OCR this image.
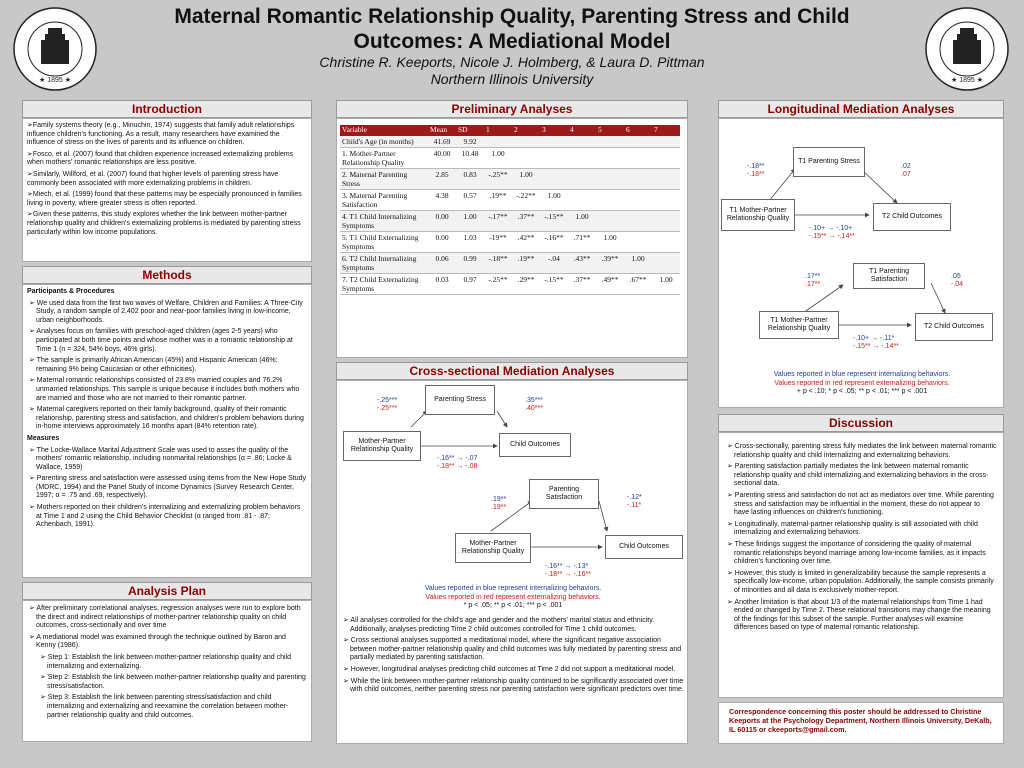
★ 1895 ★	★ 1895 ★
Maternal Romantic Relationship Quality, Parenting Stress and Child
Outcomes: A Mediational Model
Christine R. Keeports, Nicole J. Holmberg, & Laura D. Pittman
Northern Illinois University
Introduction

➢Family systems theory (e.g., Minuchin, 1974) suggests that family adult relationships influence children's functioning. As a result, many researchers have examined the influence of stress on the lives of parents and its influence on children.

➢Fosco, et al. (2007) found that children experience increased externalizing problems when mothers' romantic relationships are less positive.

➢Similarly, Willford, et al. (2007) found that higher levels of parenting stress have commonly been associated with more externalizing problems in children.

➢Miech, et al. (1999) found that these patterns may be especially pronounced in families living in poverty, where greater stress is often reported.

➢Given these patterns, this study explores whether the link between mother-partner relationship quality and children's externalizing problems is mediated by parenting stress particularly within low income populations.

Methods

Participants & Procedures

➢ We used data from the first two waves of Welfare, Children and Families: A Three-City Study, a random sample of 2,402 poor and near-poor families living in low-income, urban neighborhoods.

➢ Analyses focus on families with preschool-aged children (ages 2-5 years) who participated at both time points and whose mother was in a romantic relationship at Time 1 (n = 324, 54% boys, 46% girls).

➢ The sample is primarily African American (45%) and Hispanic American (46%; remaining 9% being Caucasian or other ethnicities).

➢ Maternal romantic relationships consisted of 23.8% married couples and 76.2% unmarried relationships. This sample is unique because it includes both mothers who are married and those who are not married to their romantic partner.

➢ Maternal caregivers reported on their family background, quality of their romantic relationship, parenting stress and satisfaction, and children's problem behaviors during in-home interviews approximately 16 months apart (84% retention rate).

Measures

➢ The Locke-Wallace Marital Adjustment Scale was used to asses the quality of the mothers' romantic relationship, including nonmarital relationships (α = .86; Locke & Wallace, 1959)

➢ Parenting stress and satisfaction were assessed using items from the New Hope Study (MDRC, 1994) and the Panel Study of Income Dynamics (Survey Research Center, 1997; α = .75 and .69, respectively).

➢ Mothers reported on their children's internalizing and externalizing problem behaviors at Time 1 and 2 using the Child Behavior Checklist (α ranged from .81 - .87; Achenbach, 1991).

Analysis Plan

➢ After preliminary correlational analyses, regression analyses were run to explore both the direct and indirect relationships of mother-partner relationship quality on child outcomes, cross-sectionally and over time

➢ A mediational model was examined through the technique outlined by Baron and Kenny (1986).

➢ Step 1: Establish the link between mother-partner relationship quality and child internalizing and externalizing.

➢ Step 2: Establish the link between mother-partner relationship quality and parenting stress/satisfaction.

➢ Step 3: Establish the link between parenting stress/satisfaction and child internalizing and externalizing and reexamine the correlation between mother-partner relationship quality and child outcomes.

Preliminary Analyses
Variable	Mean	SD	1	2	3	4	5	6	7
Child's Age (in months)	41.69	9.92							
1. Mother-Partner Relationship Quality	40.00	10.48	1.00						
2. Maternal Parenting Stress	2.85	0.83	-.25**	1.00					
3. Maternal Parenting Satisfaction	4.38	0.57	.19**	-.22**	1.00				
4. T1 Child Internalizing Symptoms	0.00	1.00	-.17**	.37**	-.15**	1.00			
5. T1 Child Externalizing Symptoms	0.00	1.03	-19**	.42**	-.16**	.71**	1.00		
6. T2 Child Internalizing Symptoms	0.06	0.99	-.18**	.19**	-.04	.43**	.39**	1.00	
7. T2 Child Externalizing Symptoms	0.03	0.97	-.25**	.29**	-.15**	.37**	.49**	.67**	1.00
Cross-sectional Mediation Analyses
Parenting Stress
Mother-Partner Relationship Quality
Child Outcomes
-.25***
-.25***
.35***
.40***
-.16** → -.07
-.18** → -.08
Parenting Satisfaction
Mother-Partner Relationship Quality
Child Outcomes
.19**
.19**
-.12*
-.11*
-.16** → -.13*
-.18** → -.16**
Values reported in blue represent internalizing behaviors.
Values reported in red represent externalizing behaviors.
* p < .05; ** p < .01; *** p < .001

➢ All analyses controlled for the child's age and gender and the mothers' marital status and ethnicity. Additionally, analyses predicting Time 2 child outcomes controlled for Time 1 child outcomes.

➢ Cross sectional analyses supported a meditational model, where the significant negative association between mother-partner relationship quality and child outcomes was fully mediated by parenting stress and partially mediated by parenting satisfaction.

➢ However, longitudinal analyses predicting child outcomes at Time 2 did not support a meditational model.

➢ While the link between mother-partner relationship quality continued to be significantly associated over time with child outcomes, neither parenting stress nor parenting satisfaction were significant predictors over time.

Longitudinal Mediation Analyses
T1 Parenting Stress
T1 Mother-Partner Relationship Quality	T2 Child Outcomes
-.18**
-.18**
.02
.07
-.10+ → -.10+
-.15** → -.14**
T1 Parenting Satisfaction
T1 Mother-Partner Relationship Quality	T2 Child Outcomes
.17**
.17**
.05
-.04
-.10+ → -.11*
-.15** → -.14**
Values reported in blue represent internalizing behaviors.
Values reported in red represent externalizing behaviors.
+ p < .10; * p < .05; ** p < .01; *** p < .001
Discussion

➢ Cross-sectionally, parenting stress fully mediates the link between maternal romantic relationship quality and child internalizing and externalizing behaviors.

➢ Parenting satisfaction partially mediates the link between maternal romantic relationship quality and child internalizing and externalizing behaviors in the cross-sectional data.

➢ Parenting stress and satisfaction do not act as mediators over time. While parenting stress and satisfaction may be influential in the moment, these do not appear to have lasting influences on children's functioning.

➢ Longitudinally, maternal-partner relationship quality is still associated with child internalizing and externalizing behaviors.

➢ These findings suggest the importance of considering the quality of maternal romantic relationships beyond marriage among low-income families, as it impacts children's functioning over time.

➢ However, this study is limited in generalizability because the sample represents a specifically low-income, urban population. Additionally, the sample consists primarily of minorities and all data is exclusively mother-report.

➢ Another limitation is that about 1/3 of the maternal relationships from Time 1 had ended or changed by Time 2. These relational transitions may change the meaning of the findings for this subset of the sample. Further analyses will examine differences based on type of maternal romantic relationship.

Correspondence concerning this poster should be addressed to Christine Keeports at the Psychology Department, Northern Illinois University, DeKalb, IL 60115 or ckeeports@gmail.com.
